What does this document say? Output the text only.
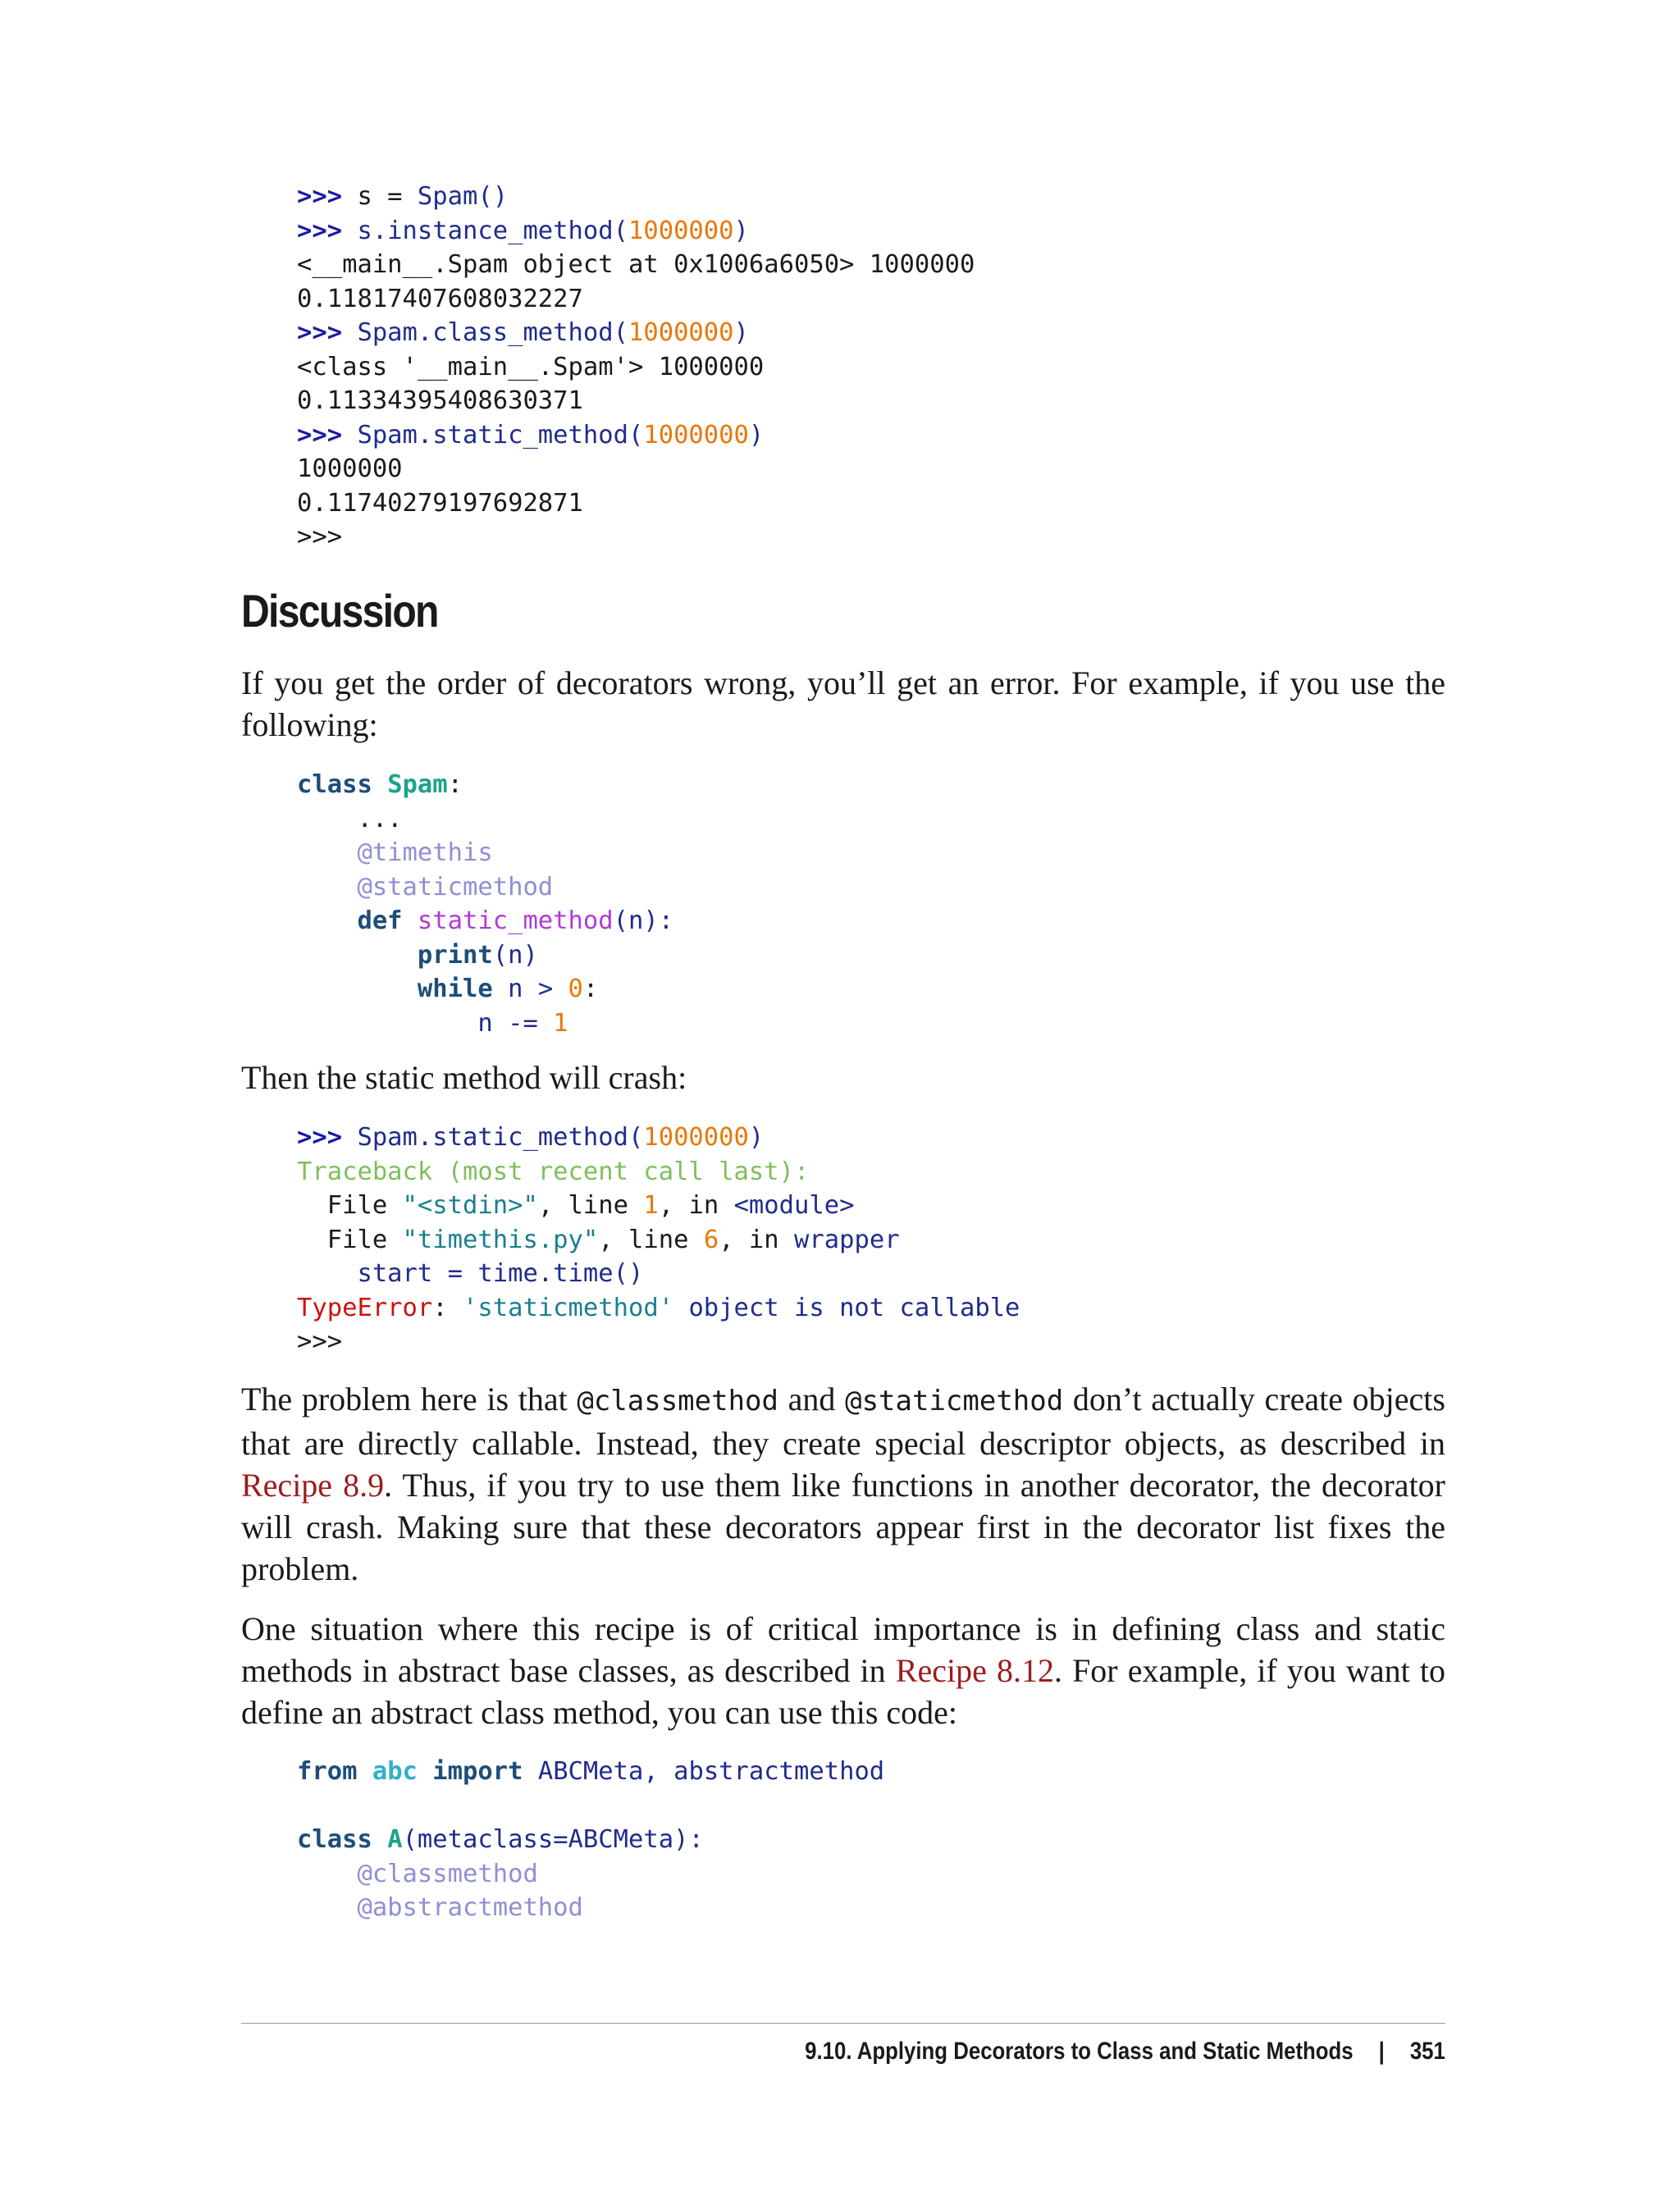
>>> s = Spam()
>>> s.instance_method(1000000)
<__main__.Spam object at 0x1006a6050> 1000000
0.11817407608032227
>>> Spam.class_method(1000000)
<class '__main__.Spam'> 1000000
0.11334395408630371
>>> Spam.static_method(1000000)
1000000
0.11740279197692871
>>>
Discussion

If you get the order of decorators wrong, you’ll get an error. For example, if you use the following:

class Spam:
...
@timethis
@staticmethod
def static_method(n):
print(n)
while n > 0:
n -= 1

Then the static method will crash:

>>> Spam.static_method(1000000)
Traceback (most recent call last):
File "<stdin>", line 1, in <module>
File "timethis.py", line 6, in wrapper
start = time.time()
TypeError: 'staticmethod' object is not callable
>>>

The problem here is that @classmethod and @staticmethod don’t actually create objects that are directly callable. Instead, they create special descriptor objects, as described in Recipe 8.9. Thus, if you try to use them like functions in another decorator, the decorator will crash. Making sure that these decorators appear first in the decorator list fixes the problem.

One situation where this recipe is of critical importance is in defining class and static methods in abstract base classes, as described in Recipe 8.12. For example, if you want to define an abstract class method, you can use this code:

from abc import ABCMeta, abstractmethod
class A(metaclass=ABCMeta):
@classmethod
@abstractmethod
9.10. Applying Decorators to Class and Static Methods | 351
